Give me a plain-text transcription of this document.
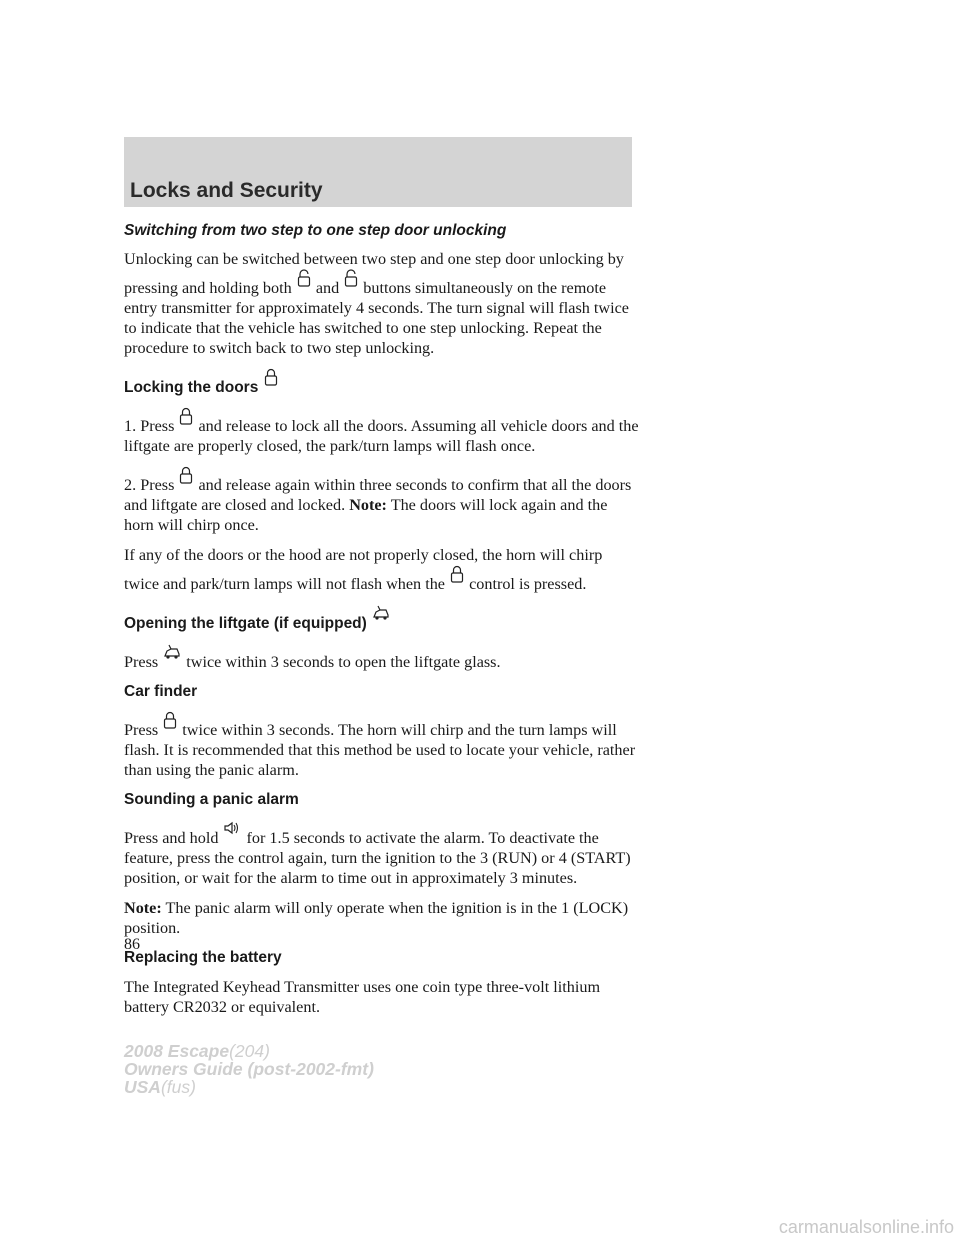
Locks and Security
Switching from two step to one step door unlocking

Unlocking can be switched between two step and one step door unlocking by pressing and holding both and buttons simultaneously on the remote entry transmitter for approximately 4 seconds. The turn signal will flash twice to indicate that the vehicle has switched to one step unlocking. Repeat the procedure to switch back to two step unlocking.

Locking the doors

1. Press and release to lock all the doors. Assuming all vehicle doors and the liftgate are properly closed, the park/turn lamps will flash once.

2. Press and release again within three seconds to confirm that all the doors and liftgate are closed and locked. Note: The doors will lock again and the horn will chirp once.

If any of the doors or the hood are not properly closed, the horn will chirp twice and park/turn lamps will not flash when the control is pressed.

Opening the liftgate (if equipped)

Press twice within 3 seconds to open the liftgate glass.

Car finder

Press twice within 3 seconds. The horn will chirp and the turn lamps will flash. It is recommended that this method be used to locate your vehicle, rather than using the panic alarm.

Sounding a panic alarm

Press and hold for 1.5 seconds to activate the alarm. To deactivate the feature, press the control again, turn the ignition to the 3 (RUN) or 4 (START) position, or wait for the alarm to time out in approximately 3 minutes.

Note: The panic alarm will only operate when the ignition is in the 1 (LOCK) position.

Replacing the battery

The Integrated Keyhead Transmitter uses one coin type three-volt lithium battery CR2032 or equivalent.

86

2008 Escape(204)
Owners Guide (post-2002-fmt)
USA(fus)

carmanualsonline.info
